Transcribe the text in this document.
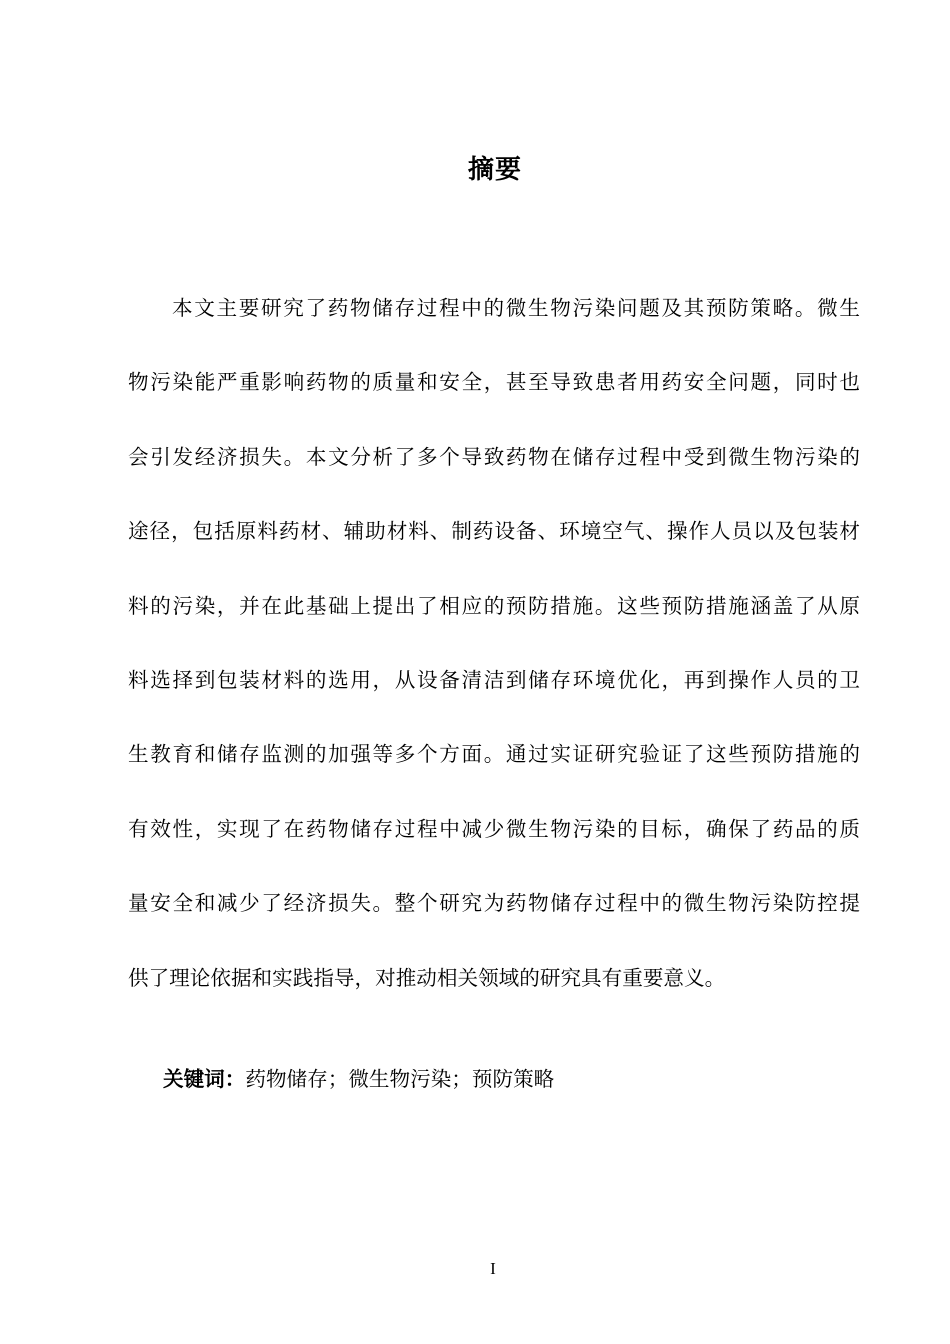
摘要
本文主要研究了药物储存过程中的微生物污染问题及其预防策略。微生
物污染能严重影响药物的质量和安全，甚至导致患者用药安全问题，同时也
会引发经济损失。本文分析了多个导致药物在储存过程中受到微生物污染的
途径，包括原料药材、辅助材料、制药设备、环境空气、操作人员以及包装材
料的污染，并在此基础上提出了相应的预防措施。这些预防措施涵盖了从原
料选择到包装材料的选用，从设备清洁到储存环境优化，再到操作人员的卫
生教育和储存监测的加强等多个方面。通过实证研究验证了这些预防措施的
有效性，实现了在药物储存过程中减少微生物污染的目标，确保了药品的质
量安全和减少了经济损失。整个研究为药物储存过程中的微生物污染防控提
供了理论依据和实践指导，对推动相关领域的研究具有重要意义。
关键词：药物储存；微生物污染；预防策略
I
